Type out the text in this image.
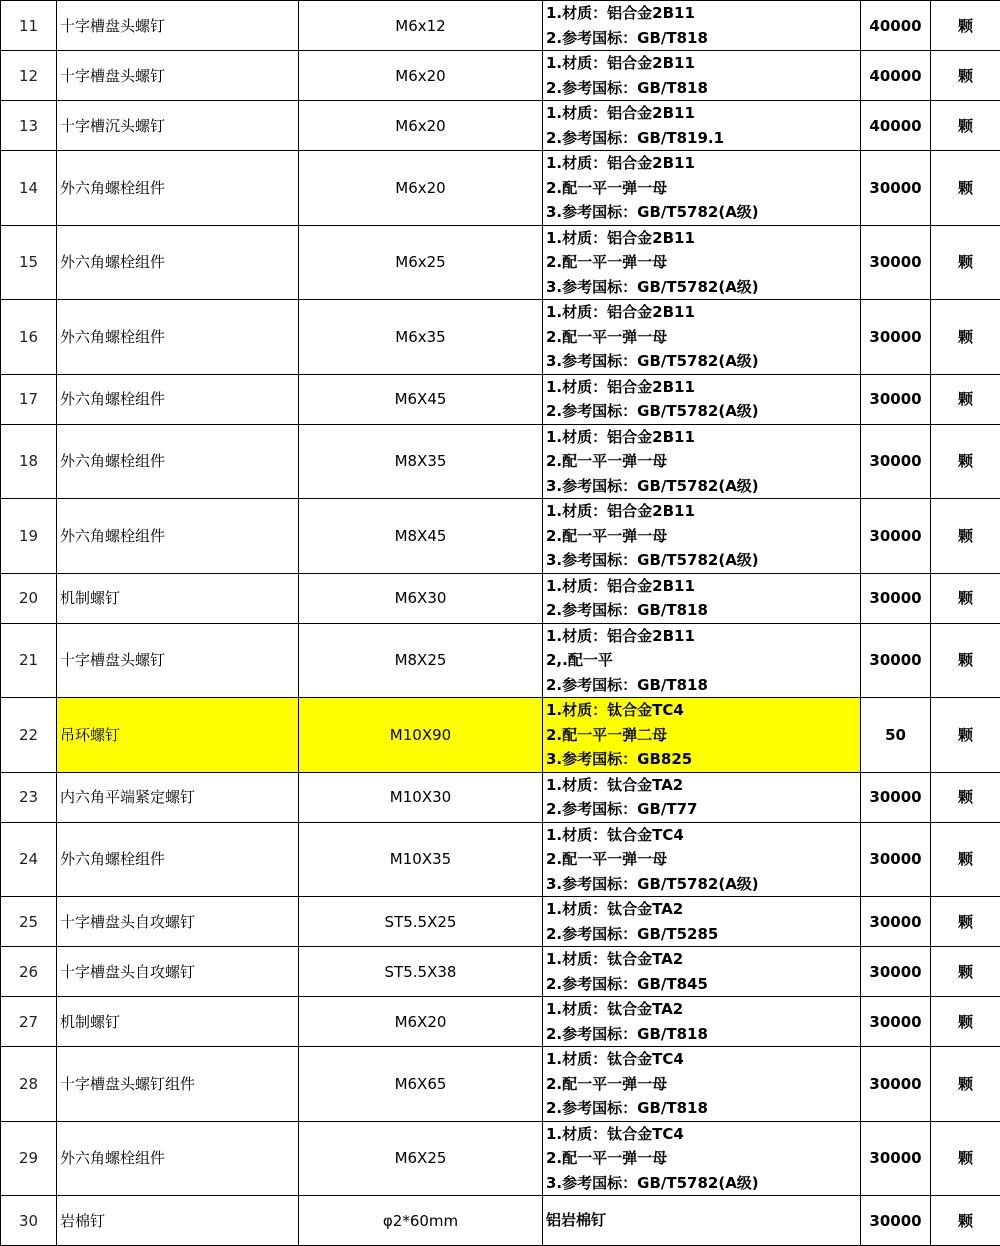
11	十字槽盘头螺钉	M6x12	1.材质：铝合金2B11
2.参考国标：GB/T818	40000	颗
12	十字槽盘头螺钉	M6x20	1.材质：铝合金2B11
2.参考国标：GB/T818	40000	颗
13	十字槽沉头螺钉	M6x20	1.材质：铝合金2B11
2.参考国标：GB/T819.1	40000	颗
14	外六角螺栓组件	M6x20	1.材质：铝合金2B11
2.配一平一弹一母
3.参考国标：GB/T5782(A级)	30000	颗
15	外六角螺栓组件	M6x25	1.材质：铝合金2B11
2.配一平一弹一母
3.参考国标：GB/T5782(A级)	30000	颗
16	外六角螺栓组件	M6x35	1.材质：铝合金2B11
2.配一平一弹一母
3.参考国标：GB/T5782(A级)	30000	颗
17	外六角螺栓组件	M6X45	1.材质：铝合金2B11
2.参考国标：GB/T5782(A级)	30000	颗
18	外六角螺栓组件	M8X35	1.材质：铝合金2B11
2.配一平一弹一母
3.参考国标：GB/T5782(A级)	30000	颗
19	外六角螺栓组件	M8X45	1.材质：铝合金2B11
2.配一平一弹一母
3.参考国标：GB/T5782(A级)	30000	颗
20	机制螺钉	M6X30	1.材质：铝合金2B11
2.参考国标：GB/T818	30000	颗
21	十字槽盘头螺钉	M8X25	1.材质：铝合金2B11
2,.配一平
2.参考国标：GB/T818	30000	颗
22	吊环螺钉	M10X90	1.材质：钛合金TC4
2.配一平一弹二母
3.参考国标：GB825	50	颗
23	内六角平端紧定螺钉	M10X30	1.材质：钛合金TA2
2.参考国标：GB/T77	30000	颗
24	外六角螺栓组件	M10X35	1.材质：钛合金TC4
2.配一平一弹一母
3.参考国标：GB/T5782(A级)	30000	颗
25	十字槽盘头自攻螺钉	ST5.5X25	1.材质：钛合金TA2
2.参考国标：GB/T5285	30000	颗
26	十字槽盘头自攻螺钉	ST5.5X38	1.材质：钛合金TA2
2.参考国标：GB/T845	30000	颗
27	机制螺钉	M6X20	1.材质：钛合金TA2
2.参考国标：GB/T818	30000	颗
28	十字槽盘头螺钉组件	M6X65	1.材质：钛合金TC4
2.配一平一弹一母
2.参考国标：GB/T818	30000	颗
29	外六角螺栓组件	M6X25	1.材质：钛合金TC4
2.配一平一弹一母
3.参考国标：GB/T5782(A级)	30000	颗
30	岩棉钉	φ2*60mm	铝岩棉钉	30000	颗
